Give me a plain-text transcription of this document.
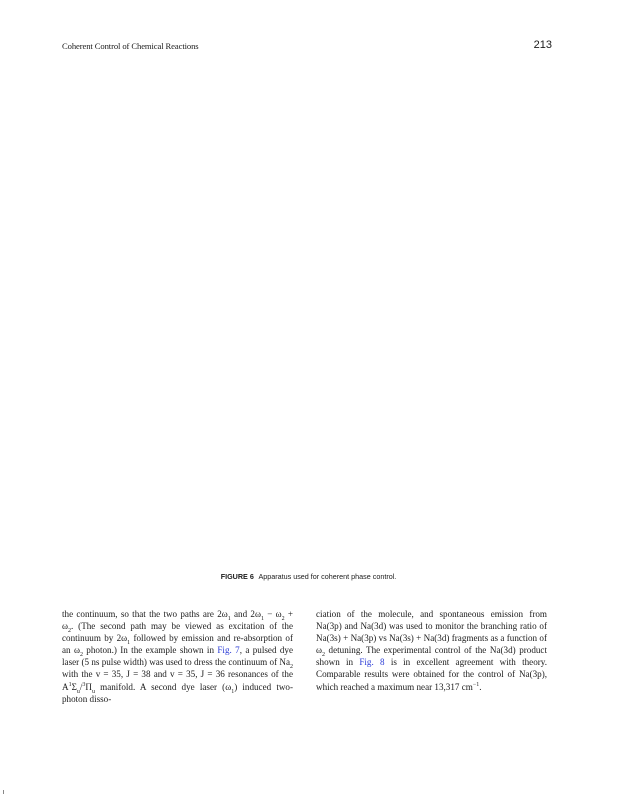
Coherent Control of Chemical Reactions	213
FIGURE 6 Apparatus used for coherent phase control.

the continuum, so that the two paths are $2\omega_1$ and $2\omega_1 - \omega_2 + \omega_2$. (The second path may be viewed as excitation of the continuum by $2\omega_1$ followed by emission and re-absorption of an $\omega_2$ photon.) In the example shown in Fig. 7, a pulsed dye laser (5 ns pulse width) was used to dress the continuum of $Na_2$ with the v = 35, J = 38 and v = 35, J = 36 resonances of the $A^1\Sigma_u/^3\Pi_u$ manifold. A second dye laser $(\omega_1)$ induced two-photon disso-

ciation of the molecule, and spontaneous emission from Na(3p) and Na(3d) was used to monitor the branching ratio of Na(3s) + Na(3p) vs Na(3s) + Na(3d) fragments as a function of $\omega_2$ detuning. The experimental control of the Na(3d) product shown in Fig. 8 is in excellent agreement with theory. Comparable results were obtained for the control of Na(3p), which reached a maximum near 13,317 $cm^{-1}$.
